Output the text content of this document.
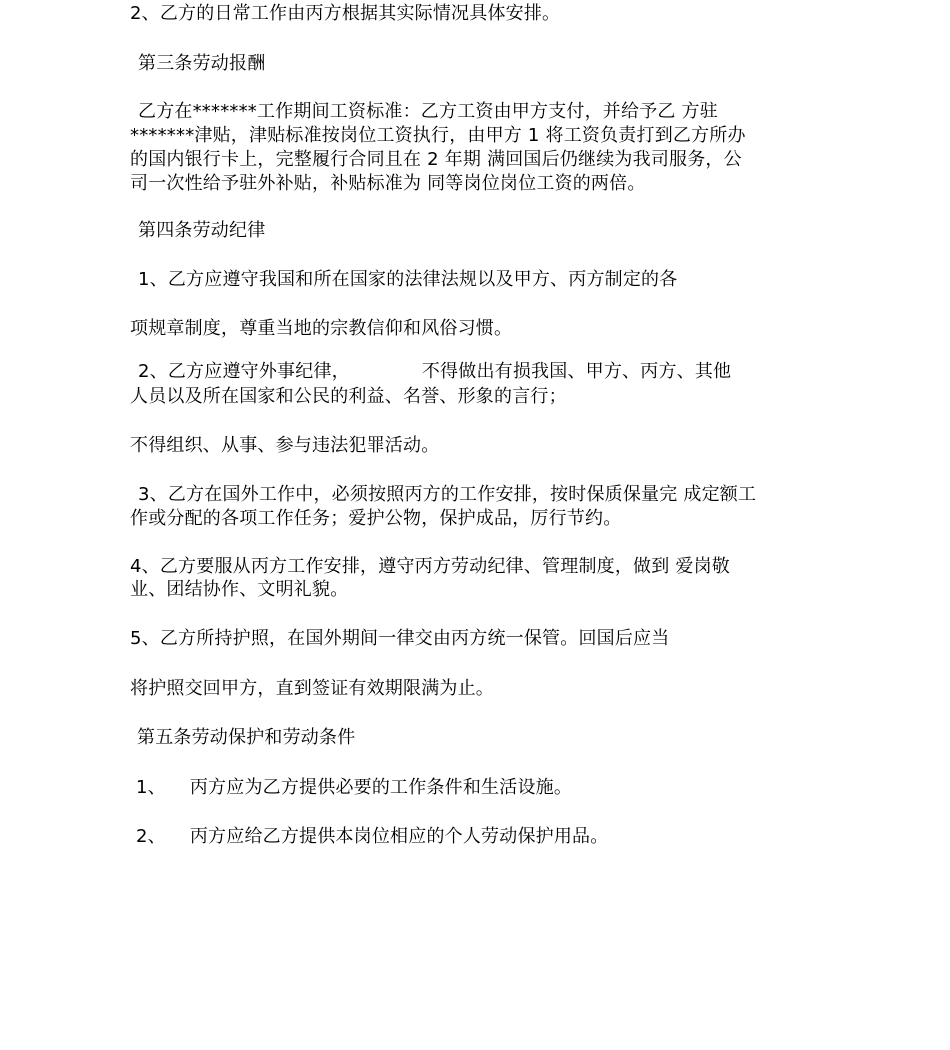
2、乙方的日常工作由丙方根据其实际情况具体安排。
第三条劳动报酬
乙方在*******工作期间工资标准：乙方工资由甲方支付，并给予乙 方驻
*******津贴，津贴标准按岗位工资执行，由甲方 1 将工资负责打到乙方所办
的国内银行卡上，完整履行合同且在 2 年期 满回国后仍继续为我司服务，公
司一次性给予驻外补贴，补贴标准为 同等岗位岗位工资的两倍。
第四条劳动纪律
1、乙方应遵守我国和所在国家的法律法规以及甲方、丙方制定的各
项规章制度，尊重当地的宗教信仰和风俗习惯。
2、乙方应遵守外事纪律，	不得做出有损我国、甲方、丙方、其他
人员以及所在国家和公民的利益、名誉、形象的言行；
不得组织、从事、参与违法犯罪活动。
3、乙方在国外工作中，必须按照丙方的工作安排，按时保质保量完 成定额工
作或分配的各项工作任务；爱护公物，保护成品，厉行节约。
4、乙方要服从丙方工作安排，遵守丙方劳动纪律、管理制度，做到 爱岗敬
业、团结协作、文明礼貌。
5、乙方所持护照，在国外期间一律交由丙方统一保管。回国后应当
将护照交回甲方，直到签证有效期限满为止。
第五条劳动保护和劳动条件
1、 丙方应为乙方提供必要的工作条件和生活设施。
2、 丙方应给乙方提供本岗位相应的个人劳动保护用品。
